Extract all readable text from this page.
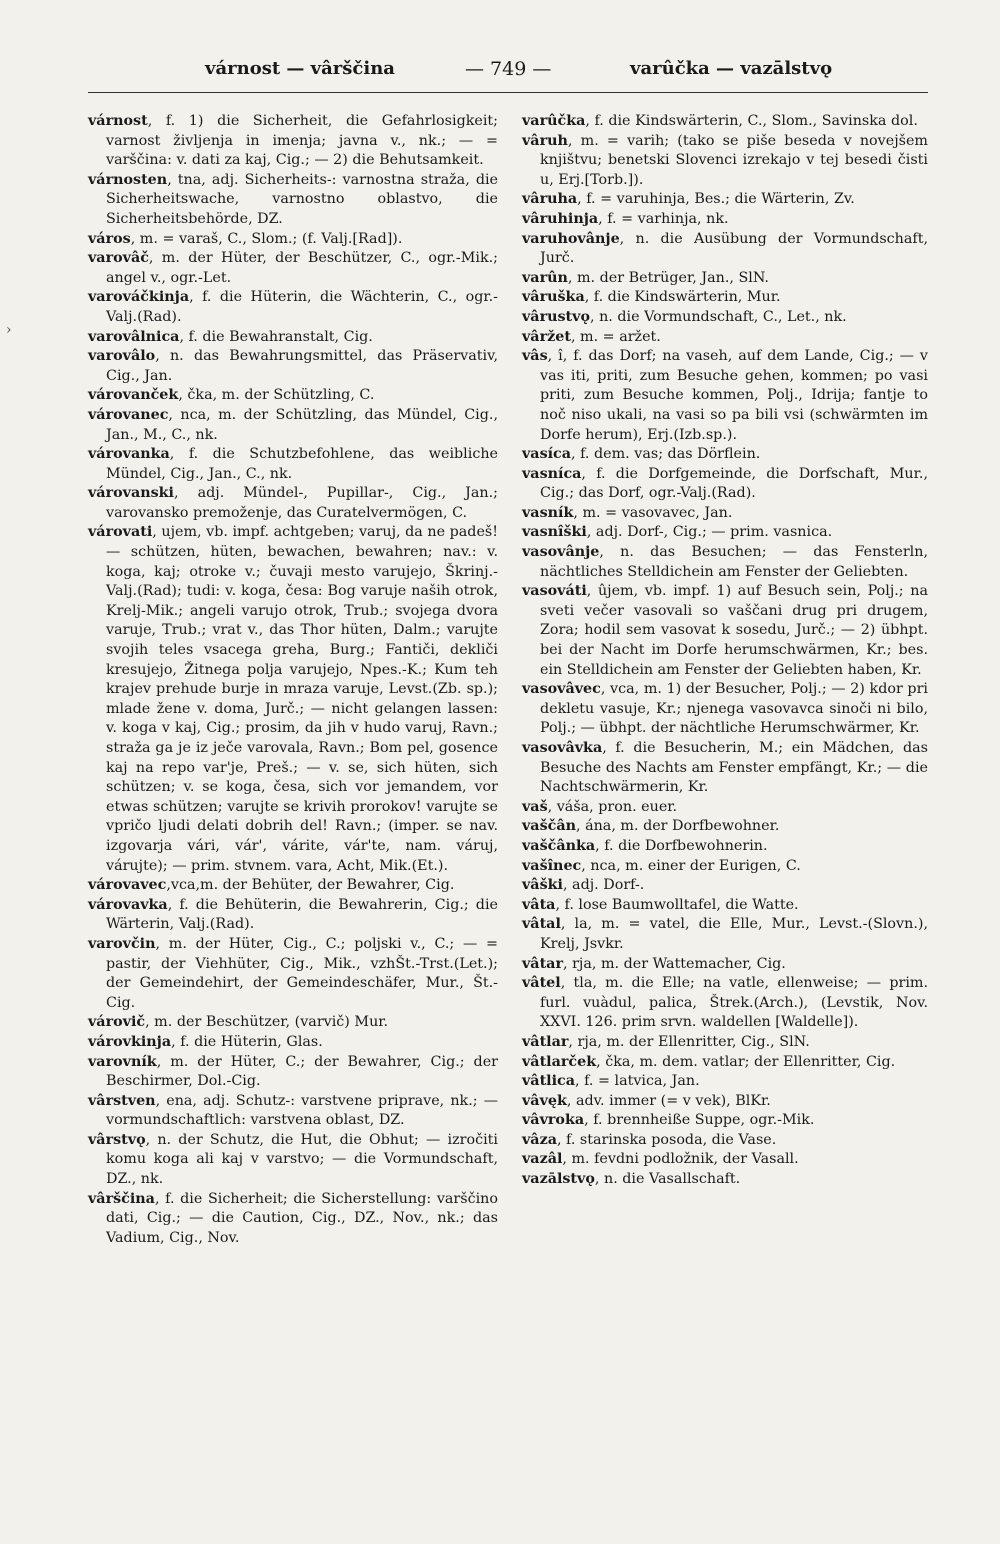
várnost — vârščina	— 749 —	varûčka — vazālstvǫ
›

várnost, f. 1) die Sicherheit, die Gefahrlosigkeit; varnost življenja in imenja; javna v., nk.; — = varščina: v. dati za kaj, Cig.; — 2) die Behutsamkeit.

várnosten, tna, adj. Sicherheits-: varnostna straža, die Sicherheitswache, varnostno oblastvo, die Sicherheitsbehörde, DZ.

város, m. = varaš, C., Slom.; (f. Valj.[Rad]).

varovâč, m. der Hüter, der Beschützer, C., ogr.-Mik.; angel v., ogr.-Let.

varováčkinja, f. die Hüterin, die Wächterin, C., ogr.-Valj.(Rad).

varovâlnica, f. die Bewahranstalt, Cig.

varovâlo, n. das Bewahrungsmittel, das Präservativ, Cig., Jan.

várovanček, čka, m. der Schützling, C.

várovanec, nca, m. der Schützling, das Mündel, Cig., Jan., M., C., nk.

várovanka, f. die Schutzbefohlene, das weibliche Mündel, Cig., Jan., C., nk.

várovanski, adj. Mündel-, Pupillar-, Cig., Jan.; varovansko premoženje, das Curatelvermögen, C.

várovati, ujem, vb. impf. achtgeben; varuj, da ne padeš! — schützen, hüten, bewachen, bewahren; nav.: v. koga, kaj; otroke v.; čuvaji mesto varujejo, Škrinj.-Valj.(Rad); tudi: v. koga, česa: Bog varuje naših otrok, Krelj-Mik.; angeli varujo otrok, Trub.; svojega dvora varuje, Trub.; vrat v., das Thor hüten, Dalm.; varujte svojih teles vsacega greha, Burg.; Fantiči, dekliči kresujejo, Žitnega polja varujejo, Npes.-K.; Kum teh krajev prehude burje in mraza varuje, Levst.(Zb. sp.); mlade žene v. doma, Jurč.; — nicht gelangen lassen: v. koga v kaj, Cig.; prosim, da jih v hudo varuj, Ravn.; straža ga je iz ječe varovala, Ravn.; Bom pel, gosence kaj na repo var'je, Preš.; — v. se, sich hüten, sich schützen; v. se koga, česa, sich vor jemandem, vor etwas schützen; varujte se krivih prorokov! varujte se vpričo ljudi delati dobrih del! Ravn.; (imper. se nav. izgovarja vári, vár', várite, vár'te, nam. váruj, várujte); — prim. stvnem. vara, Acht, Mik.(Et.).

várovavec,vca,m. der Behüter, der Bewahrer, Cig.

várovavka, f. die Behüterin, die Bewahrerin, Cig.; die Wärterin, Valj.(Rad).

varovčin, m. der Hüter, Cig., C.; poljski v., C.; — = pastir, der Viehhüter, Cig., Mik., vzhŠt.-Trst.(Let.); der Gemeindehirt, der Gemeindeschäfer, Mur., Št.-Cig.

várovič, m. der Beschützer, (varvič) Mur.

várovkinja, f. die Hüterin, Glas.

varovník, m. der Hüter, C.; der Bewahrer, Cig.; der Beschirmer, Dol.-Cig.

vârstven, ena, adj. Schutz-: varstvene pripravе, nk.; — vormundschaftlich: varstvena oblast, DZ.

vârstvǫ, n. der Schutz, die Hut, die Obhut; — izročiti komu koga ali kaj v varstvo; — die Vormundschaft, DZ., nk.

vârščina, f. die Sicherheit; die Sicherstellung: varščino dati, Cig.; — die Caution, Cig., DZ., Nov., nk.; das Vadium, Cig., Nov.

varûčka, f. die Kindswärterin, C., Slom., Savinska dol.

vâruh, m. = varih; (tako se piše beseda v novejšem knjištvu; benetski Slovenci izrekajo v tej besedi čisti u, Erj.[Torb.]).

vâruha, f. = varuhinja, Bes.; die Wärterin, Zv.

vâruhinja, f. = varhinja, nk.

varuhovânje, n. die Ausübung der Vormundschaft, Jurč.

varûn, m. der Betrüger, Jan., SlN.

vâruška, f. die Kindswärterin, Mur.

vârustvǫ, n. die Vormundschaft, C., Let., nk.

vâržet, m. = aržet.

vâs, î, f. das Dorf; na vaseh, auf dem Lande, Cig.; — v vas iti, priti, zum Besuche gehen, kommen; po vasi priti, zum Besuche kommen, Polj., Idrija; fantje to noč niso ukali, na vasi so pa bili vsi (schwärmten im Dorfe herum), Erj.(Izb.sp.).

vasíca, f. dem. vas; das Dörflein.

vasníca, f. die Dorfgemeinde, die Dorfschaft, Mur., Cig.; das Dorf, ogr.-Valj.(Rad).

vasník, m. = vasovavec, Jan.

vasnîški, adj. Dorf-, Cig.; — prim. vasnica.

vasovânje, n. das Besuchen; — das Fensterln, nächtliches Stelldichein am Fenster der Geliebten.

vasováti, ûjem, vb. impf. 1) auf Besuch sein, Polj.; na sveti večer vasovali so vaščani drug pri drugem, Zora; hodil sem vasovat k sosedu, Jurč.; — 2) übhpt. bei der Nacht im Dorfe herumschwärmen, Kr.; bes. ein Stelldichein am Fenster der Geliebten haben, Kr.

vasovâvec, vca, m. 1) der Besucher, Polj.; — 2) kdor pri dekletu vasuje, Kr.; njenega vasovavca sinoči ni bilo, Polj.; — übhpt. der nächtliche Herumschwärmer, Kr.

vasovâvka, f. die Besucherin, M.; ein Mädchen, das Besuche des Nachts am Fenster empfängt, Kr.; — die Nachtschwärmerin, Kr.

vaš, váša, pron. euer.

vaščân, ána, m. der Dorfbewohner.

vaščânka, f. die Dorfbewohnerin.

vašînec, nca, m. einer der Eurigen, C.

vâški, adj. Dorf-.

vâta, f. lose Baumwolltafel, die Watte.

vâtal, la, m. = vatel, die Elle, Mur., Levst.-(Slovn.), Krelj, Jsvkr.

vâtar, rja, m. der Wattemacher, Cig.

vâtel, tla, m. die Elle; na vatle, ellenweise; — prim. furl. vuàdul, palica, Štrek.(Arch.), (Levstik, Nov. XXVI. 126. prim srvn. waldellen [Waldelle]).

vâtlar, rja, m. der Ellenritter, Cig., SlN.

vâtlarček, čka, m. dem. vatlar; der Ellenritter, Cig.

vâtlica, f. = latvica, Jan.

vâvęk, adv. immer (= v vek), BlKr.

vâvroka, f. brennheiße Suppe, ogr.-Mik.

vâza, f. starinska posoda, die Vase.

vazâl, m. fevdni podložnik, der Vasall.

vazālstvǫ, n. die Vasallschaft.
